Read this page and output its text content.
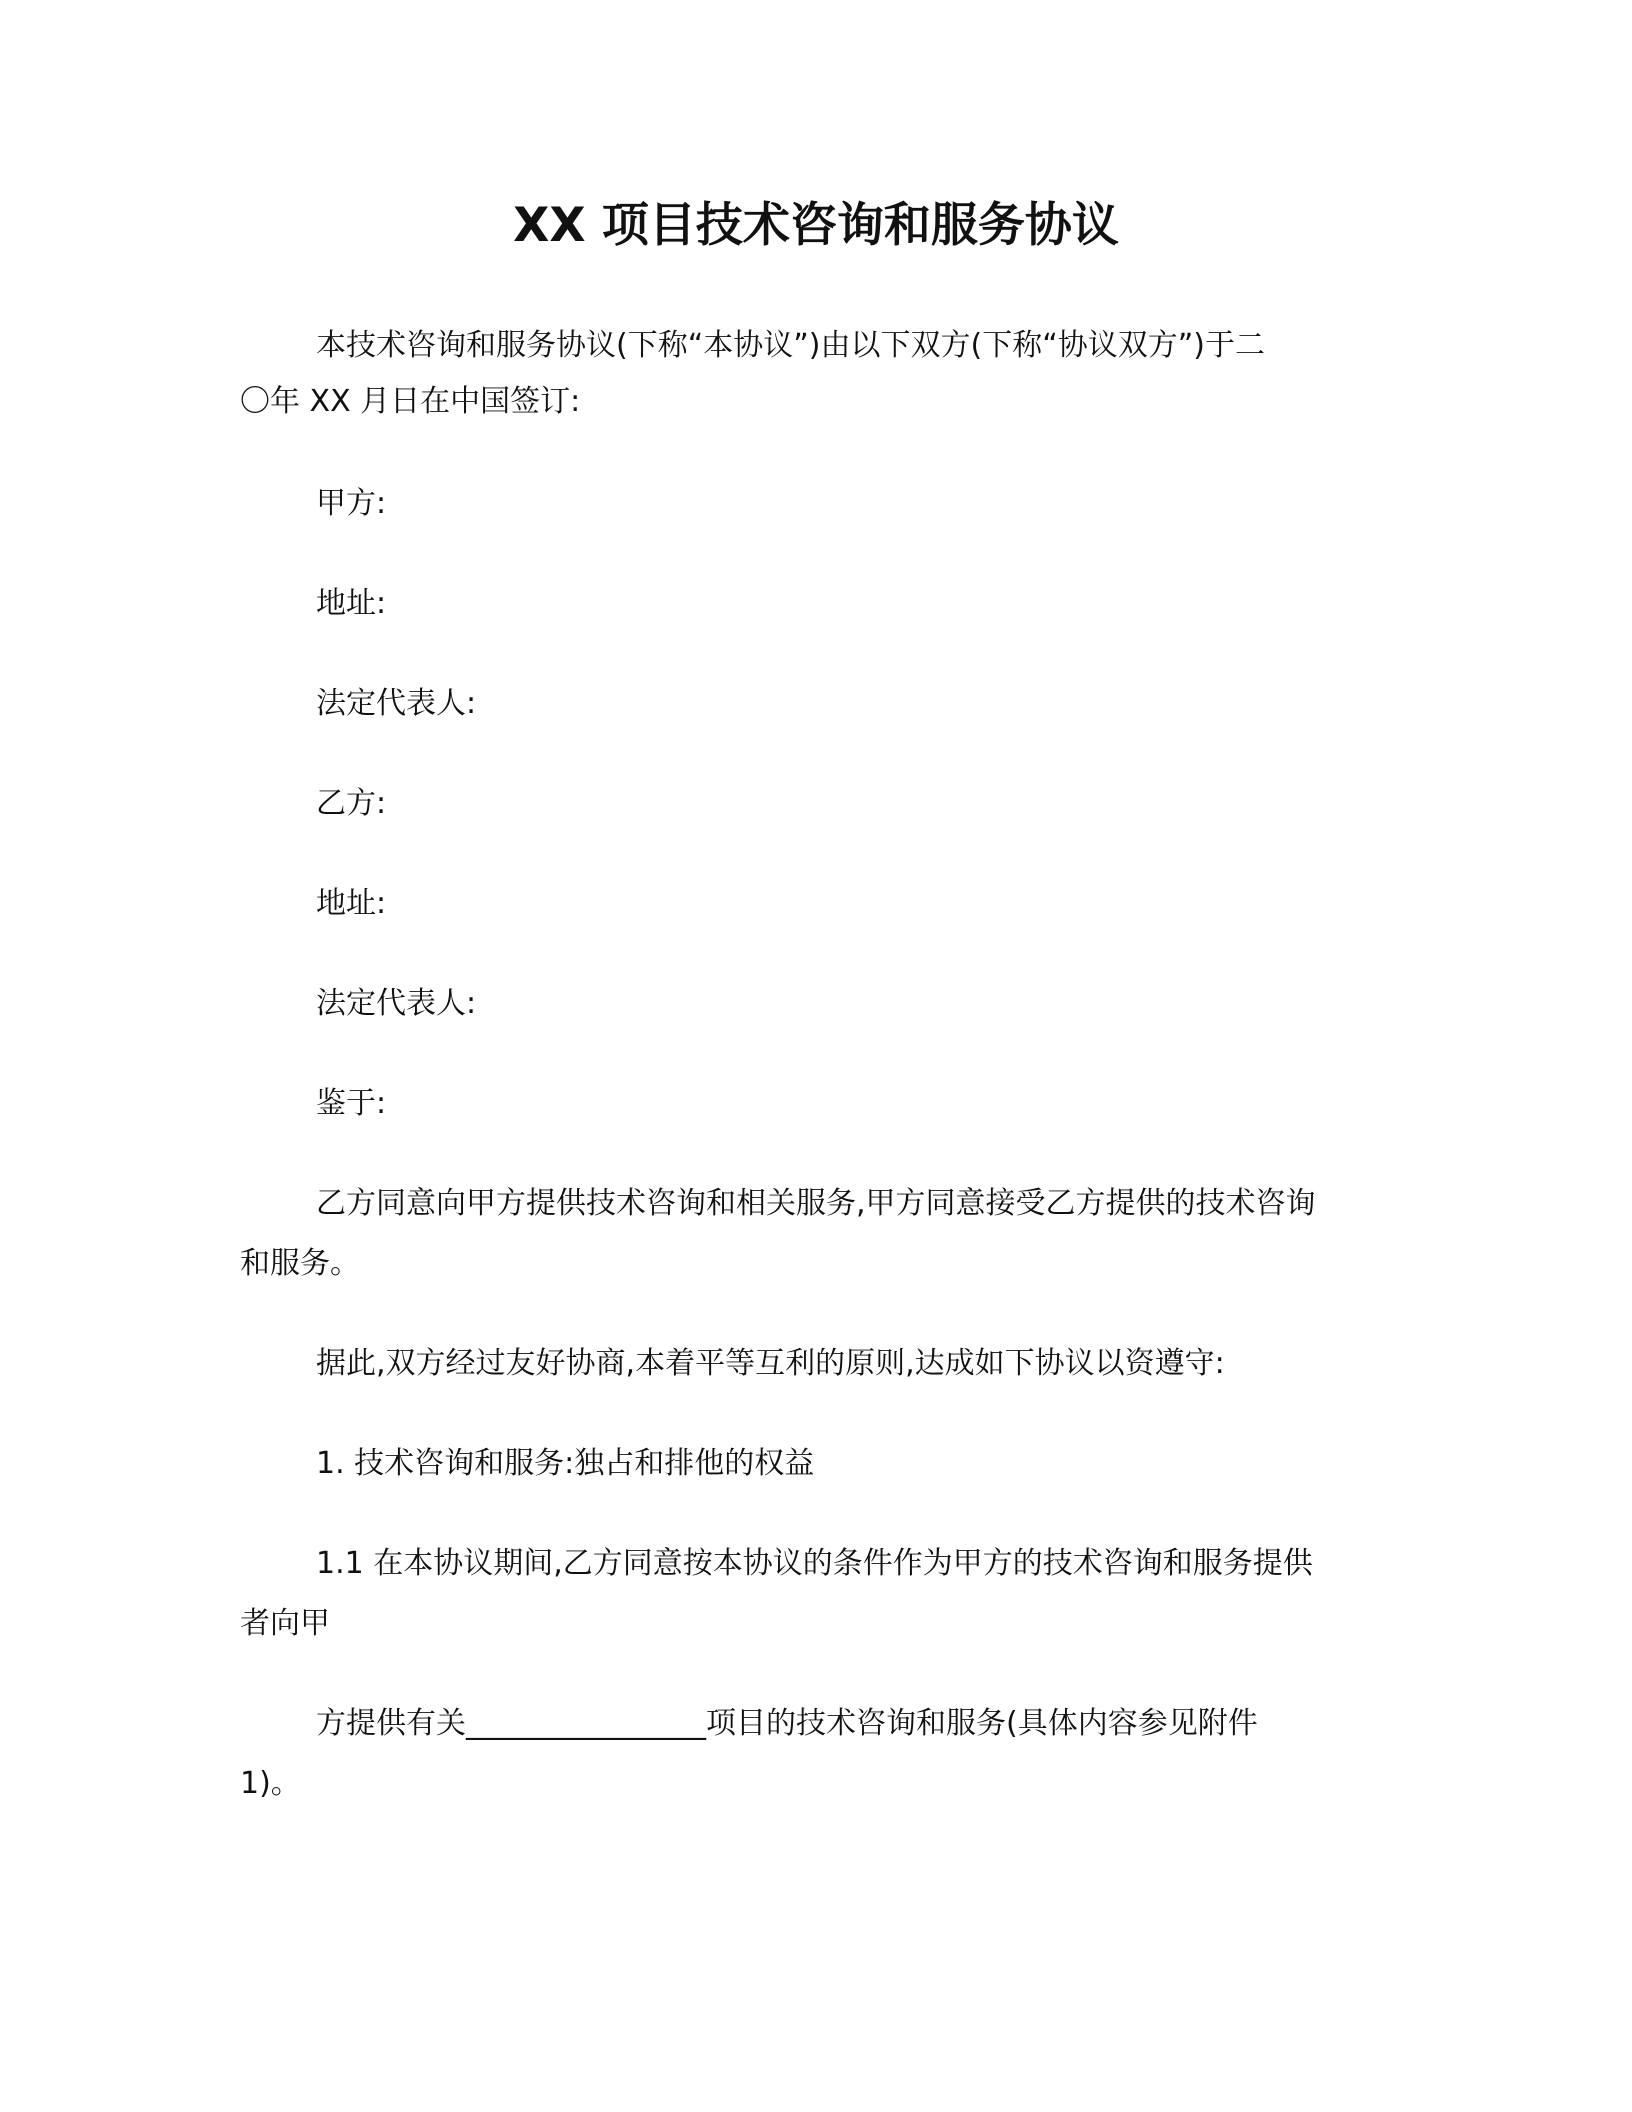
XX 项目技术咨询和服务协议
本技术咨询和服务协议(下称“本协议”)由以下双方(下称“协议双方”)于二
〇年 XX 月日在中国签订:
甲方:
地址:
法定代表人:
乙方:
地址:
法定代表人:
鉴于:
乙方同意向甲方提供技术咨询和相关服务,甲方同意接受乙方提供的技术咨询
和服务。
据此,双方经过友好协商,本着平等互利的原则,达成如下协议以资遵守:
1. 技术咨询和服务:独占和排他的权益
1.1 在本协议期间,乙方同意按本协议的条件作为甲方的技术咨询和服务提供
者向甲
方提供有关________________项目的技术咨询和服务(具体内容参见附件
1)。
